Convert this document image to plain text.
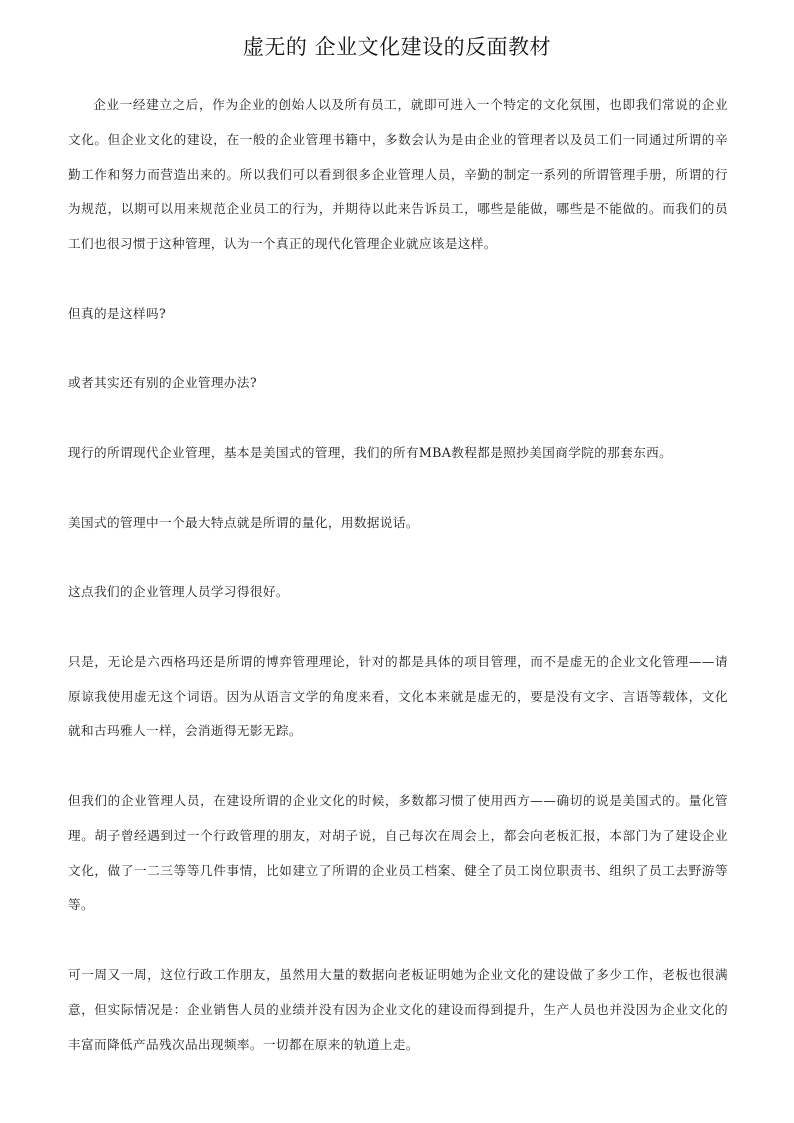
虚无的 企业文化建设的反面教材

企业一经建立之后，作为企业的创始人以及所有员工，就即可进入一个特定的文化氛围，也即我们常说的企业文化。但企业文化的建设，在一般的企业管理书籍中，多数会认为是由企业的管理者以及员工们一同通过所谓的辛勤工作和努力而营造出来的。所以我们可以看到很多企业管理人员，辛勤的制定一系列的所谓管理手册，所谓的行为规范，以期可以用来规范企业员工的行为，并期待以此来告诉员工，哪些是能做，哪些是不能做的。而我们的员工们也很习惯于这种管理，认为一个真正的现代化管理企业就应该是这样。

但真的是这样吗?

或者其实还有别的企业管理办法?

现行的所谓现代企业管理，基本是美国式的管理，我们的所有MBA教程都是照抄美国商学院的那套东西。

美国式的管理中一个最大特点就是所谓的量化，用数据说话。

这点我们的企业管理人员学习得很好。

只是，无论是六西格玛还是所谓的博弈管理理论，针对的都是具体的项目管理，而不是虚无的企业文化管理——请原谅我使用虚无这个词语。因为从语言文学的角度来看，文化本来就是虚无的，要是没有文字、言语等载体，文化就和古玛雅人一样，会消逝得无影无踪。

但我们的企业管理人员，在建设所谓的企业文化的时候，多数都习惯了使用西方——确切的说是美国式的。量化管理。胡子曾经遇到过一个行政管理的朋友，对胡子说，自己每次在周会上，都会向老板汇报，本部门为了建设企业文化，做了一二三等等几件事情，比如建立了所谓的企业员工档案、健全了员工岗位职责书、组织了员工去野游等等。

可一周又一周，这位行政工作朋友，虽然用大量的数据向老板证明她为企业文化的建设做了多少工作，老板也很满意，但实际情况是：企业销售人员的业绩并没有因为企业文化的建设而得到提升，生产人员也并没因为企业文化的丰富而降低产品残次品出现频率。一切都在原来的轨道上走。
